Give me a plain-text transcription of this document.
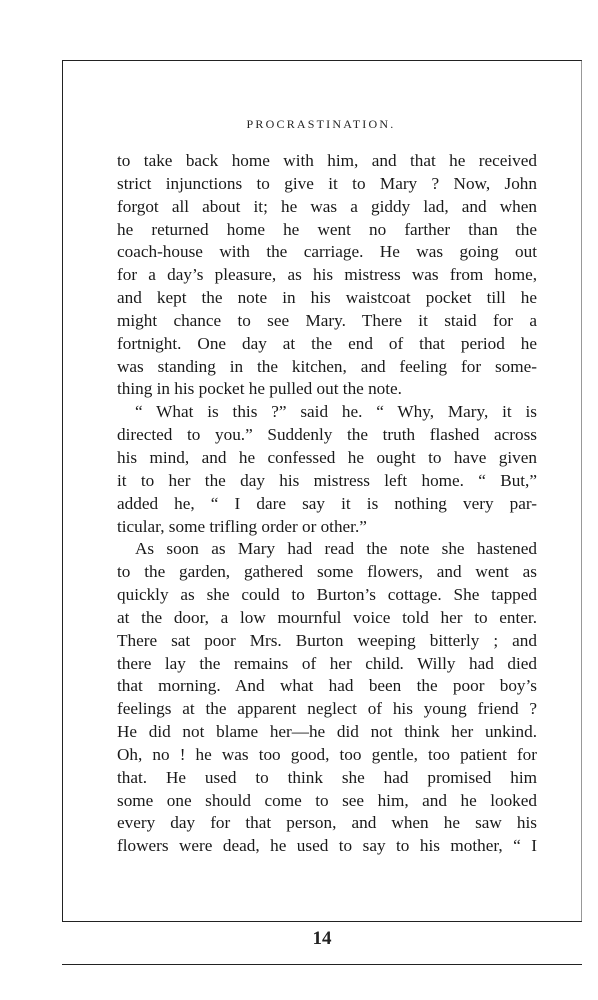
PROCRASTINATION.
to take back home with him, and that he received
strict injunctions to give it to Mary ? Now, John
forgot all about it; he was a giddy lad, and when
he returned home he went no farther than the
coach-house with the carriage. He was going out
for a day’s pleasure, as his mistress was from home,
and kept the note in his waistcoat pocket till he
might chance to see Mary. There it staid for a
fortnight. One day at the end of that period he
was standing in the kitchen, and feeling for some-
thing in his pocket he pulled out the note.
“ What is this ?” said he. “ Why, Mary, it is
directed to you.” Suddenly the truth flashed across
his mind, and he confessed he ought to have given
it to her the day his mistress left home. “ But,”
added he, “ I dare say it is nothing very par-
ticular, some trifling order or other.”
As soon as Mary had read the note she hastened
to the garden, gathered some flowers, and went as
quickly as she could to Burton’s cottage. She tapped
at the door, a low mournful voice told her to enter.
There sat poor Mrs. Burton weeping bitterly ; and
there lay the remains of her child. Willy had died
that morning. And what had been the poor boy’s
feelings at the apparent neglect of his young friend ?
He did not blame her—he did not think her unkind.
Oh, no ! he was too good, too gentle, too patient for
that. He used to think she had promised him
some one should come to see him, and he looked
every day for that person, and when he saw his
flowers were dead, he used to say to his mother, “ I
14
